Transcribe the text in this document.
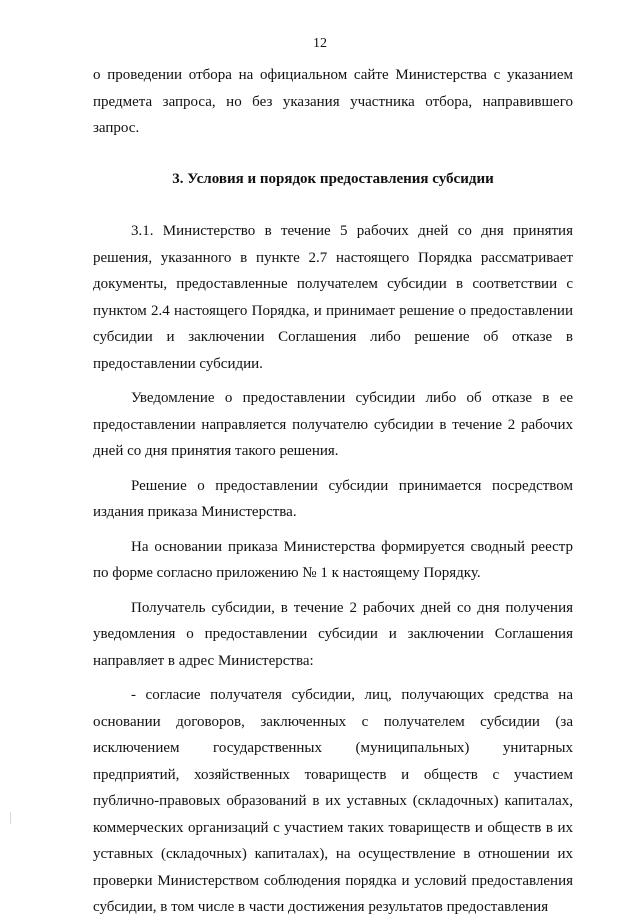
12

о проведении отбора на официальном сайте Министерства с указанием предмета запроса, но без указания участника отбора, направившего запрос.

3. Условия и порядок предоставления субсидии

3.1. Министерство в течение 5 рабочих дней со дня принятия решения, указанного в пункте 2.7 настоящего Порядка рассматривает документы, предоставленные получателем субсидии в соответствии с пунктом 2.4 настоящего Порядка, и принимает решение о предоставлении субсидии и заключении Соглашения либо решение об отказе в предоставлении субсидии.

Уведомление о предоставлении субсидии либо об отказе в ее предоставлении направляется получателю субсидии в течение 2 рабочих дней со дня принятия такого решения.

Решение о предоставлении субсидии принимается посредством издания приказа Министерства.

На основании приказа Министерства формируется сводный реестр по форме согласно приложению № 1 к настоящему Порядку.

Получатель субсидии, в течение 2 рабочих дней со дня получения уведомления о предоставлении субсидии и заключении Соглашения направляет в адрес Министерства:

- согласие получателя субсидии, лиц, получающих средства на основании договоров, заключенных с получателем субсидии (за исключением государственных (муниципальных) унитарных предприятий, хозяйственных товариществ и обществ с участием публично-правовых образований в их уставных (складочных) капиталах, коммерческих организаций с участием таких товариществ и обществ в их уставных (складочных) капиталах), на осуществление в отношении их проверки Министерством соблюдения порядка и условий предоставления субсидии, в том числе в части достижения результатов предоставления
